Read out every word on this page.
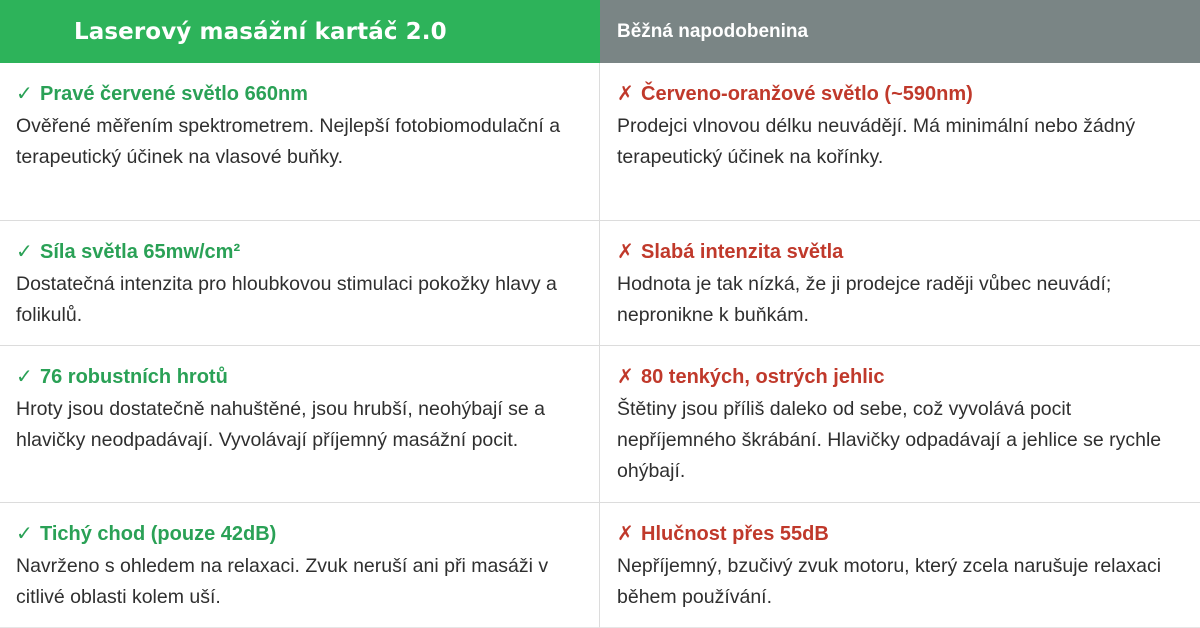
Laserový masážní kartáč 2.0	Běžná napodobenina
✓ Pravé červené světlo 660nm

Ověřené měřením spektrometrem. Nejlepší fotobiomodulační a terapeutický účinek na vlasové buňky.

✗ Červeno-oranžové světlo (~590nm)

Prodejci vlnovou délku neuvádějí. Má minimální nebo žádný terapeutický účinek na kořínky.

✓ Síla světla 65mw/cm²

Dostatečná intenzita pro hloubkovou stimulaci pokožky hlavy a folikulů.

✗ Slabá intenzita světla

Hodnota je tak nízká, že ji prodejce raději vůbec neuvádí; nepronikne k buňkám.

✓ 76 robustních hrotů

Hroty jsou dostatečně nahuštěné, jsou hrubší, neohýbají se a hlavičky neodpadávají. Vyvolávají příjemný masážní pocit.

✗ 80 tenkých, ostrých jehlic

Štětiny jsou příliš daleko od sebe, což vyvolává pocit nepříjemného škrábání. Hlavičky odpadávají a jehlice se rychle ohýbají.

✓ Tichý chod (pouze 42dB)

Navrženo s ohledem na relaxaci. Zvuk neruší ani při masáži v citlivé oblasti kolem uší.

✗ Hlučnost přes 55dB

Nepříjemný, bzučivý zvuk motoru, který zcela narušuje relaxaci během používání.
